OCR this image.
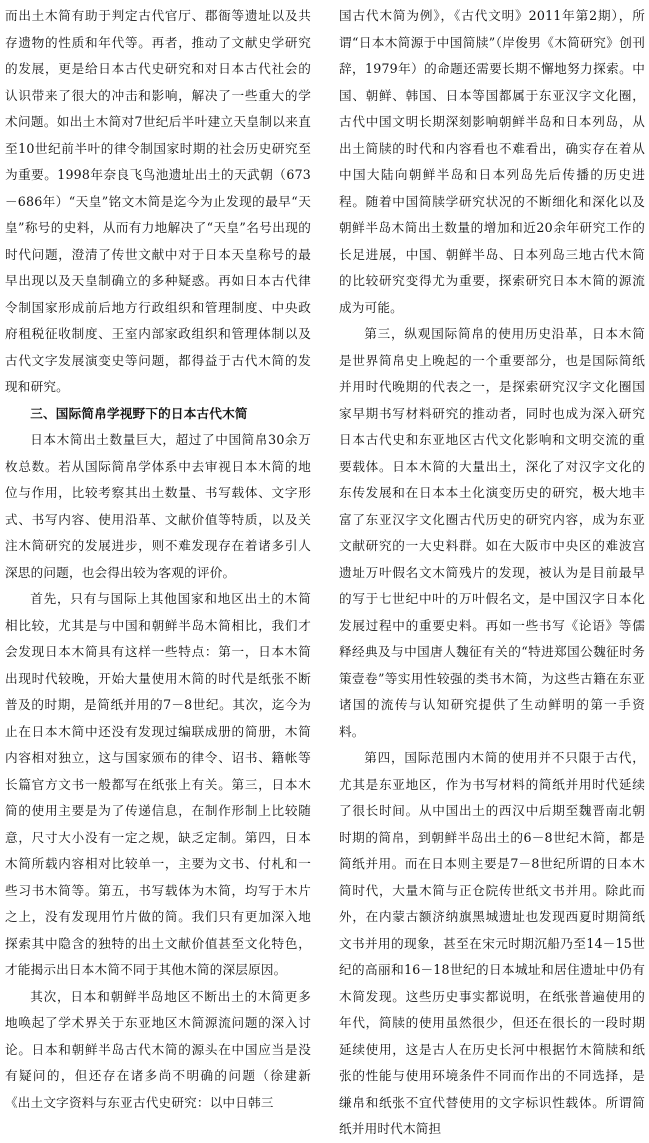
而出土木简有助于判定古代官厅、郡衙等遗址以及共存遗物的性质和年代等。再者，推动了文献史学研究的发展，更是给日本古代史研究和对日本古代社会的认识带来了很大的冲击和影响，解决了一些重大的学术问题。如出土木简对7世纪后半叶建立天皇制以来直至10世纪前半叶的律令制国家时期的社会历史研究至为重要。1998年奈良飞鸟池遗址出土的天武朝（673－686年）“天皇”铭文木简是迄今为止发现的最早“天皇”称号的史料，从而有力地解决了“天皇”名号出现的时代问题，澄清了传世文献中对于日本天皇称号的最早出现以及天皇制确立的多种疑惑。再如日本古代律令制国家形成前后地方行政组织和管理制度、中央政府租税征收制度、王室内部家政组织和管理体制以及古代文字发展演变史等问题，都得益于古代木简的发现和研究。

三、国际简帛学视野下的日本古代木简

日本木简出土数量巨大，超过了中国简帛30余万枚总数。若从国际简帛学体系中去审视日本木简的地位与作用，比较考察其出土数量、书写载体、文字形式、书写内容、使用沿革、文献价值等特质，以及关注木简研究的发展进步，则不难发现存在着诸多引人深思的问题，也会得出较为客观的评价。

首先，只有与国际上其他国家和地区出土的木简相比较，尤其是与中国和朝鲜半岛木简相比，我们才会发现日本木简具有这样一些特点：第一，日本木简出现时代较晚，开始大量使用木简的时代是纸张不断普及的时期，是简纸并用的7－8世纪。其次，迄今为止在日本木简中还没有发现过编联成册的简册，木简内容相对独立，这与国家颁布的律令、诏书、籍帐等长篇官方文书一般都写在纸张上有关。第三，日本木简的使用主要是为了传递信息，在制作形制上比较随意，尺寸大小没有一定之规，缺乏定制。第四，日本木简所载内容相对比较单一，主要为文书、付札和一些习书木简等。第五，书写载体为木简，均写于木片之上，没有发现用竹片做的简。我们只有更加深入地探索其中隐含的独特的出土文献价值甚至文化特色，才能揭示出日本木简不同于其他木简的深层原因。

其次，日本和朝鲜半岛地区不断出土的木简更多地唤起了学术界关于东亚地区木简源流问题的深入讨论。日本和朝鲜半岛古代木简的源头在中国应当是没有疑问的，但还存在诸多尚不明确的问题（徐建新《出土文字资料与东亚古代史研究：以中日韩三

国古代木简为例》，《古代文明》2011年第2期），所谓“日本木简源于中国简牍”（岸俊男《木简研究》创刊辞，1979年）的命题还需要长期不懈地努力探索。中国、朝鲜、韩国、日本等国都属于东亚汉字文化圈，古代中国文明长期深刻影响朝鲜半岛和日本列岛，从出土简牍的时代和内容看也不难看出，确实存在着从中国大陆向朝鲜半岛和日本列岛先后传播的历史进程。随着中国简牍学研究状况的不断细化和深化以及朝鲜半岛木简出土数量的增加和近20余年研究工作的长足进展，中国、朝鲜半岛、日本列岛三地古代木简的比较研究变得尤为重要，探索研究日本木简的源流成为可能。

第三，纵观国际简帛的使用历史沿革，日本木简是世界简帛史上晚起的一个重要部分，也是国际简纸并用时代晚期的代表之一，是探索研究汉字文化圈国家早期书写材料研究的推动者，同时也成为深入研究日本古代史和东亚地区古代文化影响和文明交流的重要载体。日本木简的大量出土，深化了对汉字文化的东传发展和在日本本土化演变历史的研究，极大地丰富了东亚汉字文化圈古代历史的研究内容，成为东亚文献研究的一大史料群。如在大阪市中央区的难波宫遗址万叶假名文木简残片的发现，被认为是目前最早的写于七世纪中叶的万叶假名文，是中国汉字日本化发展过程中的重要史料。再如一些书写《论语》等儒释经典及与中国唐人魏征有关的“特进郑国公魏征时务策壹卷”等实用性较强的类书木简，为这些古籍在东亚诸国的流传与认知研究提供了生动鲜明的第一手资料。

第四，国际范围内木简的使用并不只限于古代，尤其是东亚地区，作为书写材料的简纸并用时代延续了很长时间。从中国出土的西汉中后期至魏晋南北朝时期的简帛，到朝鲜半岛出土的6－8世纪木简，都是简纸并用。而在日本则主要是7－8世纪所谓的日本木简时代，大量木简与正仓院传世纸文书并用。除此而外，在内蒙古额济纳旗黑城遗址也发现西夏时期简纸文书并用的现象，甚至在宋元时期沉船乃至14－15世纪的高丽和16－18世纪的日本城址和居住遗址中仍有木简发现。这些历史事实都说明，在纸张普遍使用的年代，简牍的使用虽然很少，但还在很长的一段时期延续使用，这是古人在历史长河中根据竹木简牍和纸张的性能与使用环境条件不同而作出的不同选择，是缣帛和纸张不宜代替使用的文字标识性载体。所谓简纸并用时代木简担
